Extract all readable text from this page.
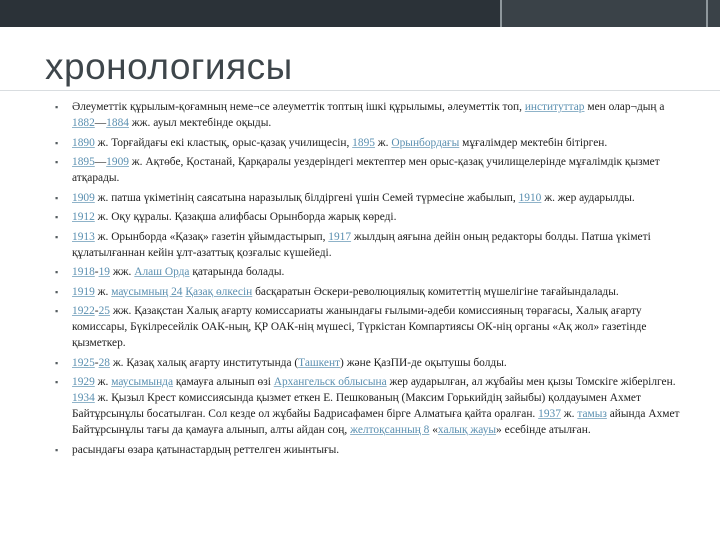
хронологиясы
▪ Әлеуметтік құрылым-қоғамның неме¬се әлеуметтік топтың ішкі құрылымы, әлеуметтік топ, институттар мен олар¬дың а 1882—1884 жж. ауыл мектебінде оқыды.
▪ 1890 ж. Торғайдағы екі кластық, орыс-қазақ училищесін, 1895 ж. Орынбордағы мұғалімдер мектебін бітірген.
▪ 1895—1909 ж. Ақтөбе, Қостанай, Қарқаралы уездеріндегі мектептер мен орыс-қазақ училищелерінде мұғалімдік қызмет атқарады.
▪ 1909 ж. патша үкіметінің саясатына наразылық білдіргені үшін Семей түрмесіне жабылып, 1910 ж. жер аударылды.
▪ 1912 ж. Оқу құралы. Қазақша алифбасы Орынборда жарық көреді.
▪ 1913 ж. Орынборда «Қазақ» газетін ұйымдастырып, 1917 жылдың аяғына дейін оның редакторы болды. Патша үкіметі құлатылғаннан кейін ұлт-азаттық қозғалыс күшейеді.
▪ 1918-19 жж. Алаш Орда қатарында болады.
▪ 1919 ж. маусымның 24 Қазақ өлкесін басқаратын Әскери-революциялық комитеттің мүшелігіне тағайындалады.
▪ 1922-25 жж. Қазақстан Халық ағарту комиссариаты жанындағы ғылыми-әдеби комиссияның төрағасы, Халық ағарту комиссары, Бүкілресейлік ОАК-ның, ҚР ОАК-нің мүшесі, Түркістан Компартиясы ОК-нің органы «Ақ жол» газетінде қызметкер.
▪ 1925-28 ж. Қазақ халық ағарту институтында (Ташкент) және ҚазПИ-де оқытушы болды.
▪ 1929 ж. маусымында қамауға алынып өзі Архангельск облысына жер аударылған, ал жұбайы мен қызы Томскіге жіберілген. 1934 ж. Қызыл Крест комиссиясында қызмет еткен Е. Пешкованың (Максим Горькийдің зайыбы) қолдауымен Ахмет Байтұрсынұлы босатылған. Сол кезде ол жұбайы Бадрисафамен бірге Алматыға қайта оралған. 1937 ж. тамыз айында Ахмет Байтұрсынұлы тағы да қамауға алынып, алты айдан соң, желтоқсанның 8 «халық жауы» есебінде атылған.
▪ расындағы өзара қатынастардың реттелген жиынтығы.
